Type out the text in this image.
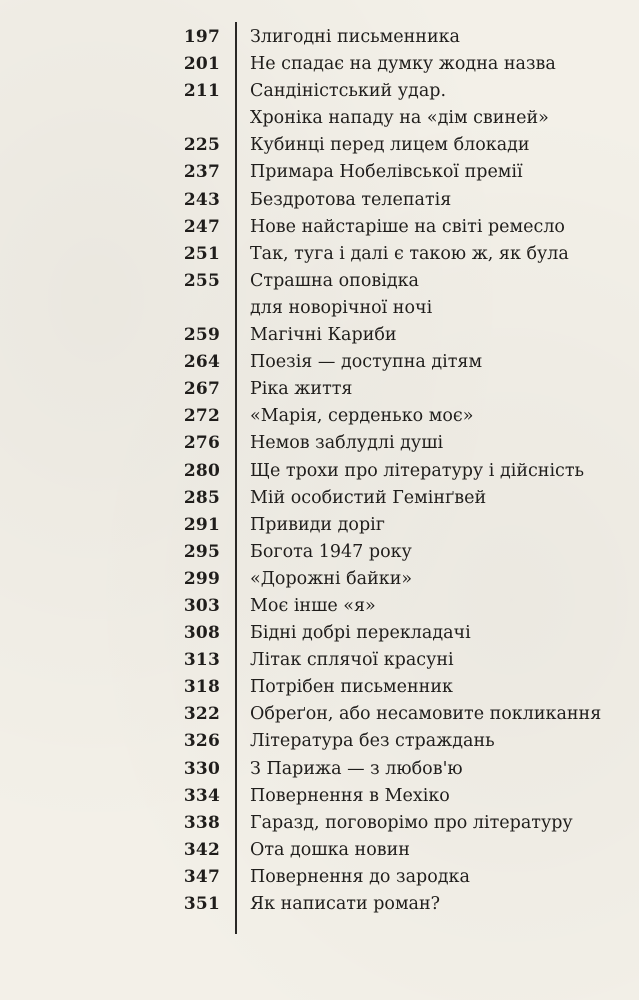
197 Злигодні письменника
201 Не спадає на думку жодна назва
211 Сандіністський удар.
Хроніка нападу на «дім свиней»
225 Кубинці перед лицем блокади
237 Примара Нобелівської премії
243 Бездротова телепатія
247 Нове найстаріше на світі ремесло
251 Так, туга і далі є такою ж, як була
255 Страшна оповідка
для новорічної ночі
259 Магічні Кариби
264 Поезія — доступна дітям
267 Ріка життя
272 «Марія, серденько моє»
276 Немов заблудлі душі
280 Ще трохи про літературу і дійсність
285 Мій особистий Гемінґвей
291 Привиди доріг
295 Богота 1947 року
299 «Дорожні байки»
303 Моє інше «я»
308 Бідні добрі перекладачі
313 Літак сплячої красуні
318 Потрібен письменник
322 Обреґон, або несамовите покликання
326 Література без страждань
330 З Парижа — з любов'ю
334 Повернення в Мехіко
338 Гаразд, поговорімо про літературу
342 Ота дошка новин
347 Повернення до зародка
351 Як написати роман?
